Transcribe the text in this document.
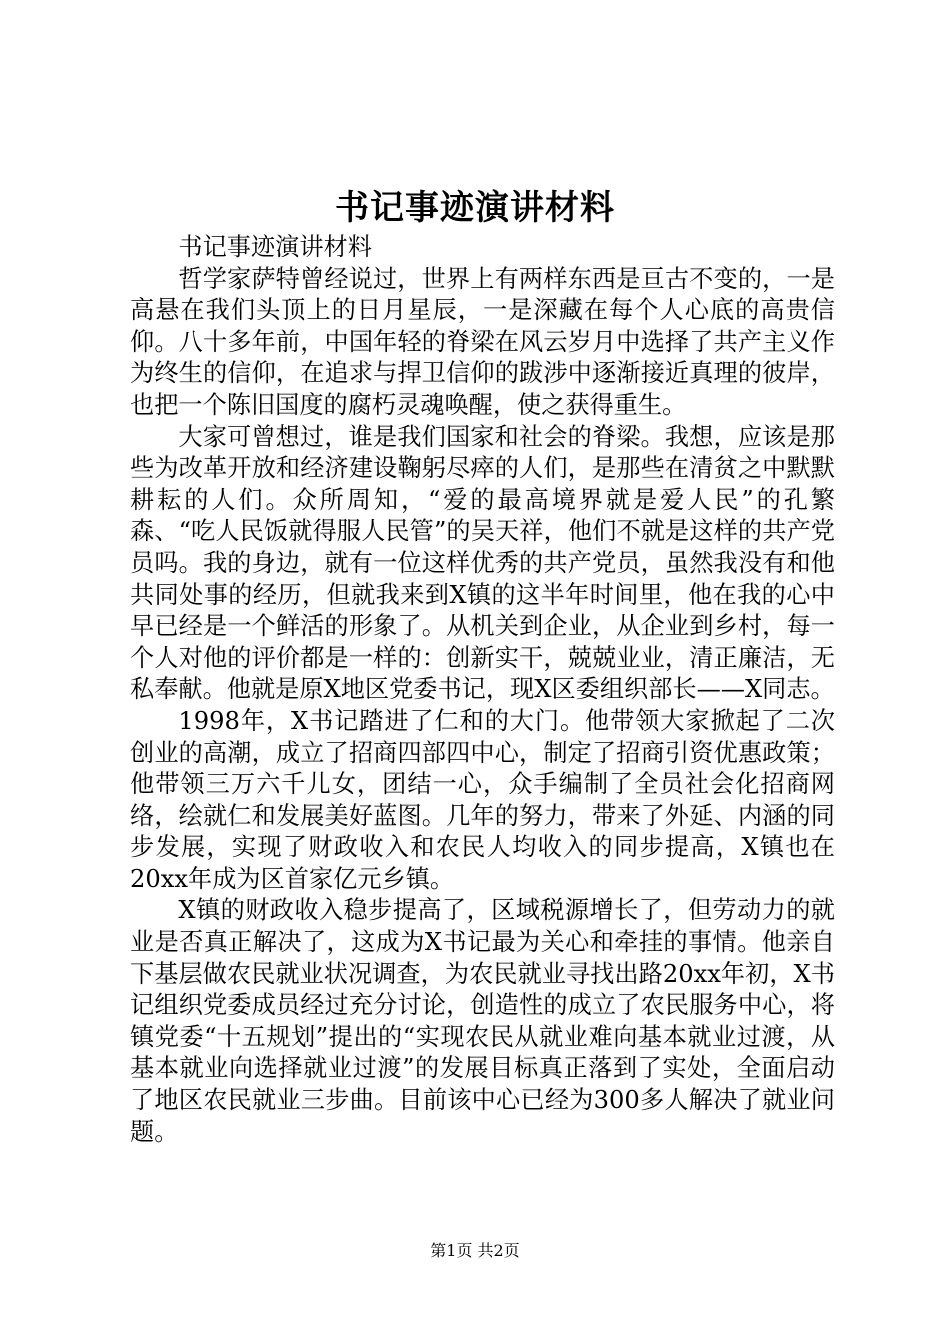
书记事迹演讲材料

书记事迹演讲材料

哲学家萨特曾经说过，世界上有两样东西是亘古不变的，一是高悬在我们头顶上的日月星辰，一是深藏在每个人心底的高贵信仰。八十多年前，中国年轻的脊梁在风云岁月中选择了共产主义作为终生的信仰，在追求与捍卫信仰的跋涉中逐渐接近真理的彼岸，也把一个陈旧国度的腐朽灵魂唤醒，使之获得重生。

大家可曾想过，谁是我们国家和社会的脊梁。我想，应该是那些为改革开放和经济建设鞠躬尽瘁的人们，是那些在清贫之中默默耕耘的人们。众所周知，“爱的最高境界就是爱人民”的孔繁森、“吃人民饭就得服人民管”的吴天祥，他们不就是这样的共产党员吗。我的身边，就有一位这样优秀的共产党员，虽然我没有和他共同处事的经历，但就我来到X镇的这半年时间里，他在我的心中早已经是一个鲜活的形象了。从机关到企业，从企业到乡村，每一个人对他的评价都是一样的：创新实干，兢兢业业，清正廉洁，无私奉献。他就是原X地区党委书记，现X区委组织部长——X同志。

1998年，X书记踏进了仁和的大门。他带领大家掀起了二次创业的高潮，成立了招商四部四中心，制定了招商引资优惠政策；他带领三万六千儿女，团结一心，众手编制了全员社会化招商网络，绘就仁和发展美好蓝图。几年的努力，带来了外延、内涵的同步发展，实现了财政收入和农民人均收入的同步提高，X镇也在20xx年成为区首家亿元乡镇。

X镇的财政收入稳步提高了，区域税源增长了，但劳动力的就业是否真正解决了，这成为X书记最为关心和牵挂的事情。他亲自下基层做农民就业状况调查，为农民就业寻找出路20xx年初，X书记组织党委成员经过充分讨论，创造性的成立了农民服务中心，将镇党委“十五规划”提出的“实现农民从就业难向基本就业过渡，从基本就业向选择就业过渡”的发展目标真正落到了实处，全面启动了地区农民就业三步曲。目前该中心已经为300多人解决了就业问题。

第1页 共2页
